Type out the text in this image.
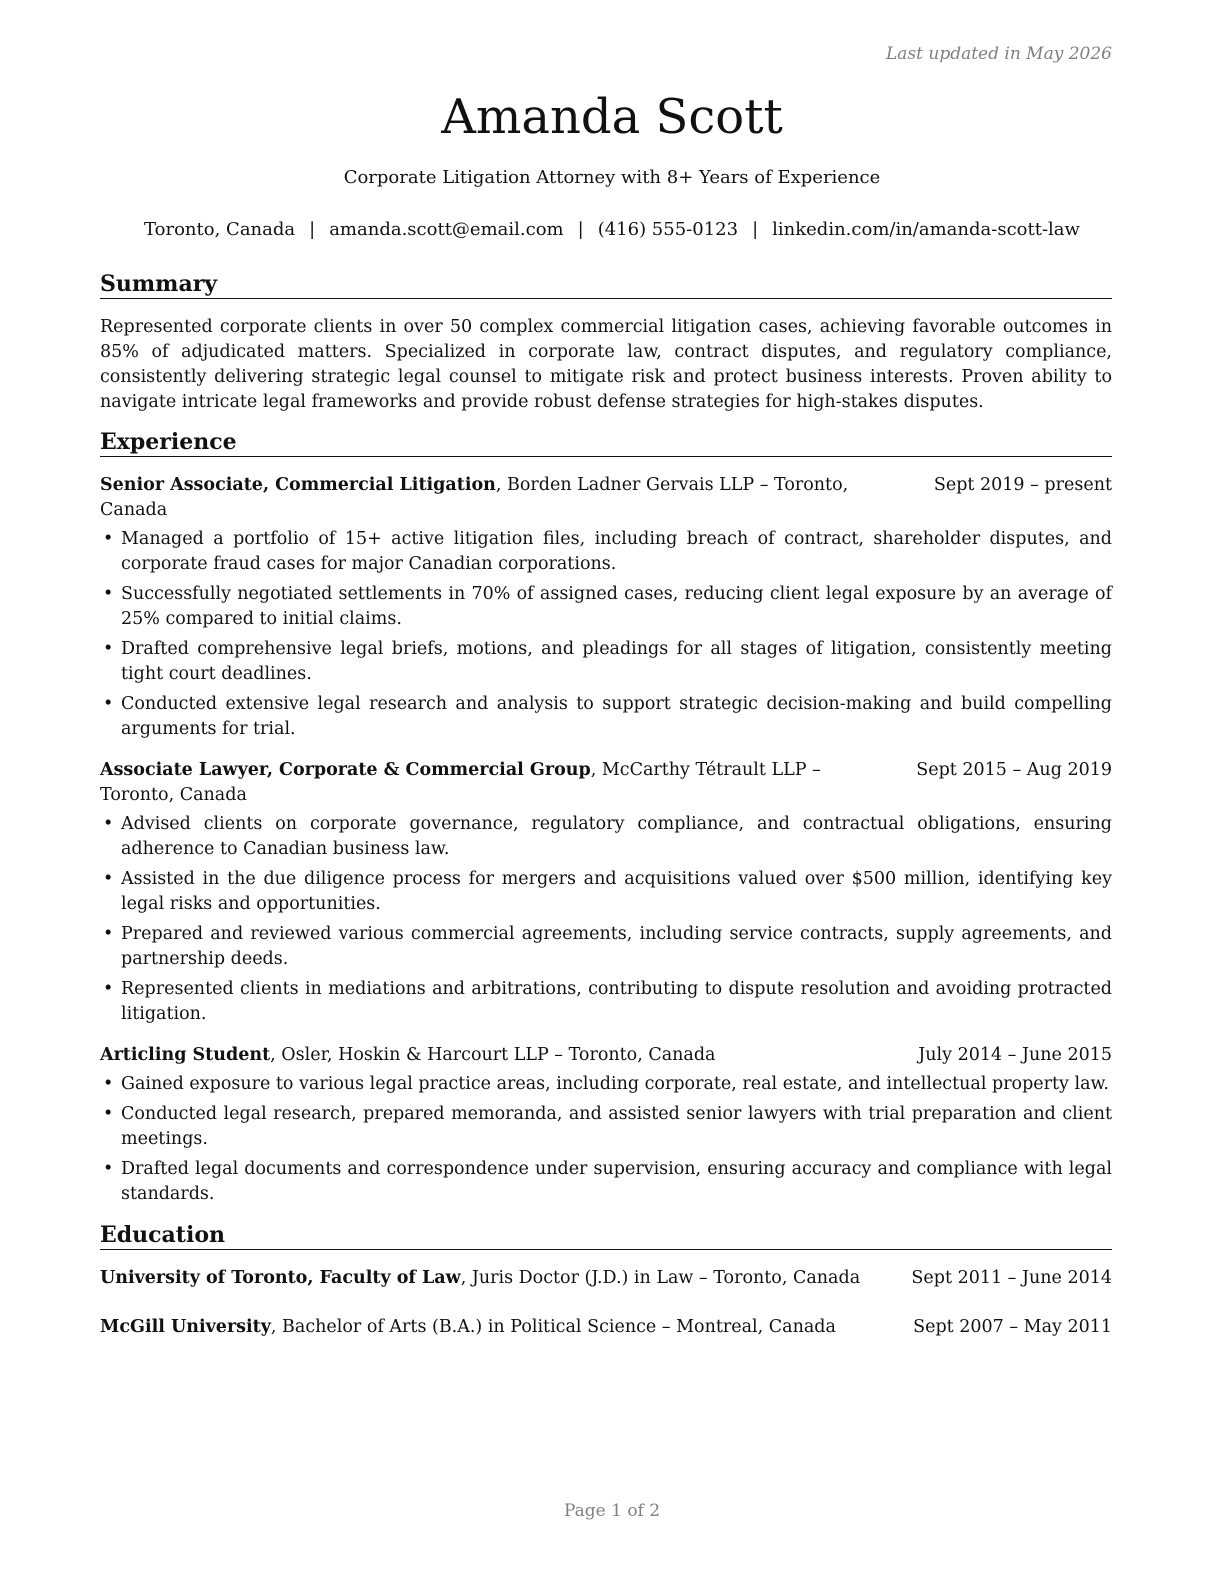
Last updated in May 2026
Amanda Scott
Corporate Litigation Attorney with 8+ Years of Experience
Toronto, Canada | amanda.scott@email.com | (416) 555-0123 | linkedin.com/in/amanda-scott-law
Summary

Represented corporate clients in over 50 complex commercial litigation cases, achieving favorable outcomes in 85% of adjudicated matters. Specialized in corporate law, contract disputes, and regulatory compliance, consistently delivering strategic legal counsel to mitigate risk and protect business interests. Proven ability to navigate intricate legal frameworks and provide robust defense strategies for high-stakes disputes.

Experience
Senior Associate, Commercial Litigation, Borden Ladner Gervais LLP – Toronto, Canada
Sept 2019 – present
• Managed a portfolio of 15+ active litigation files, including breach of contract, shareholder disputes, and corporate fraud cases for major Canadian corporations.
• Successfully negotiated settlements in 70% of assigned cases, reducing client legal exposure by an average of 25% compared to initial claims.
• Drafted comprehensive legal briefs, motions, and pleadings for all stages of litigation, consistently meeting tight court deadlines.
• Conducted extensive legal research and analysis to support strategic decision-making and build compelling arguments for trial.
Associate Lawyer, Corporate & Commercial Group, McCarthy Tétrault LLP – Toronto, Canada
Sept 2015 – Aug 2019
• Advised clients on corporate governance, regulatory compliance, and contractual obligations, ensuring adherence to Canadian business law.
• Assisted in the due diligence process for mergers and acquisitions valued over $500 million, identifying key legal risks and opportunities.
• Prepared and reviewed various commercial agreements, including service contracts, supply agreements, and partnership deeds.
• Represented clients in mediations and arbitrations, contributing to dispute resolution and avoiding protracted litigation.
Articling Student, Osler, Hoskin & Harcourt LLP – Toronto, Canada	July 2014 – June 2015
• Gained exposure to various legal practice areas, including corporate, real estate, and intellectual property law.
• Conducted legal research, prepared memoranda, and assisted senior lawyers with trial preparation and client meetings.
• Drafted legal documents and correspondence under supervision, ensuring accuracy and compliance with legal standards.
Education
University of Toronto, Faculty of Law, Juris Doctor (J.D.) in Law – Toronto, Canada	Sept 2011 – June 2014
McGill University, Bachelor of Arts (B.A.) in Political Science – Montreal, Canada	Sept 2007 – May 2011
Page 1 of 2
